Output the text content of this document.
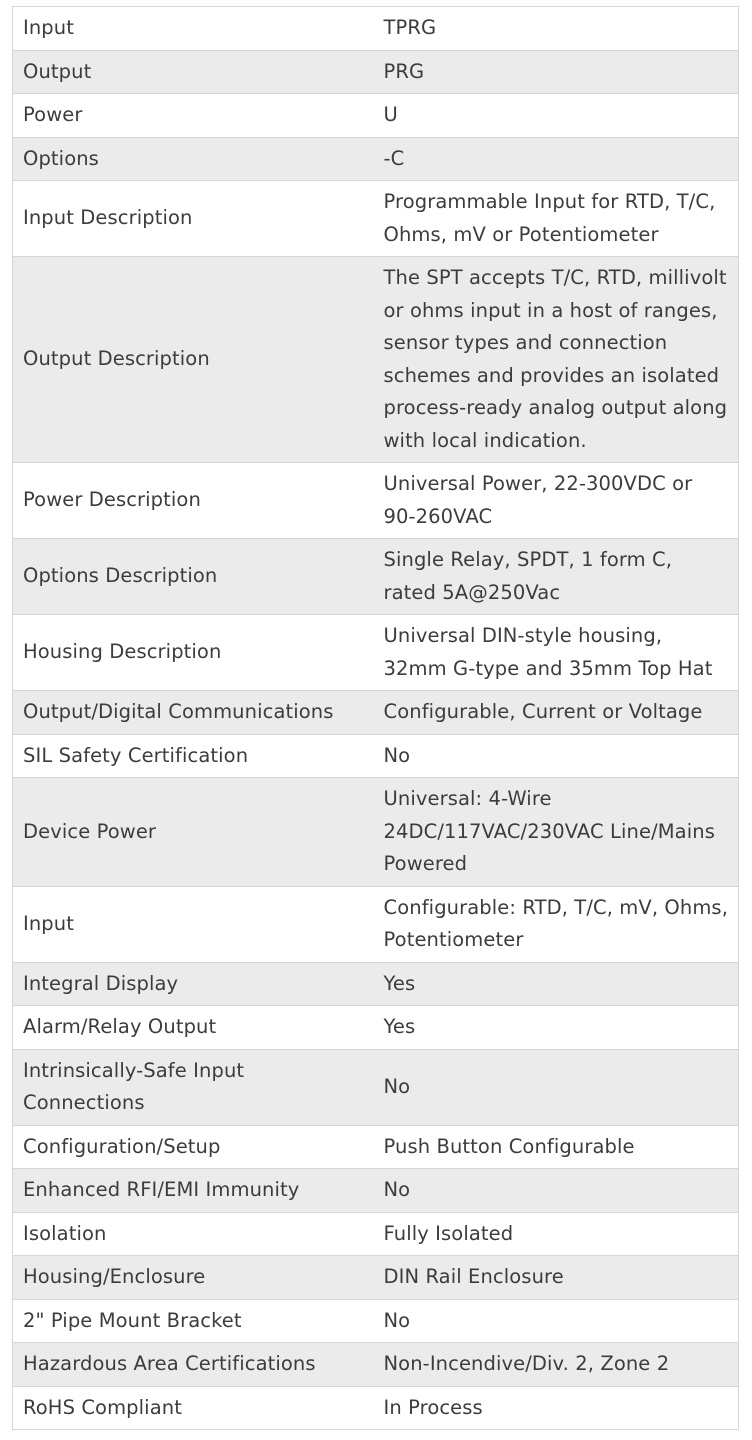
Input	TPRG
Output	PRG
Power	U
Options	-C
Input Description	Programmable Input for RTD, T/C, Ohms, mV or Potentiometer
Output Description	The SPT accepts T/C, RTD, millivolt or ohms input in a host of ranges, sensor types and connection schemes and provides an isolated process-ready analog output along with local indication.
Power Description	Universal Power, 22-300VDC or 90-260VAC
Options Description	Single Relay, SPDT, 1 form C, rated 5A@250Vac
Housing Description	Universal DIN-style housing, 32mm G-type and 35mm Top Hat
Output/Digital Communications	Configurable, Current or Voltage
SIL Safety Certification	No
Device Power	Universal: 4-Wire 24DC/117VAC/230VAC Line/Mains Powered
Input	Configurable: RTD, T/C, mV, Ohms, Potentiometer
Integral Display	Yes
Alarm/Relay Output	Yes
Intrinsically-Safe Input Connections	No
Configuration/Setup	Push Button Configurable
Enhanced RFI/EMI Immunity	No
Isolation	Fully Isolated
Housing/Enclosure	DIN Rail Enclosure
2" Pipe Mount Bracket	No
Hazardous Area Certifications	Non-Incendive/Div. 2, Zone 2
RoHS Compliant	In Process
